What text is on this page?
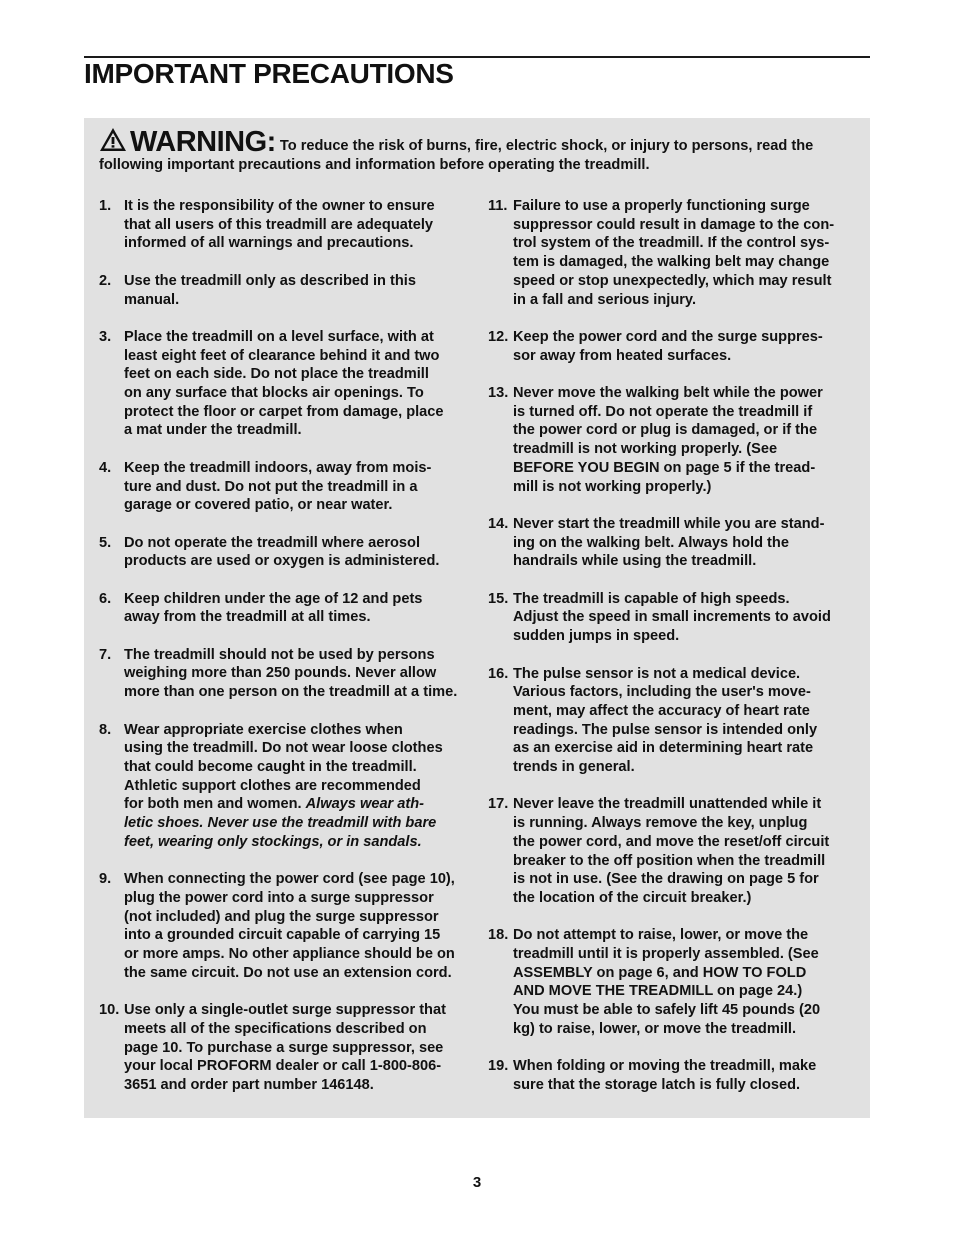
IMPORTANT PRECAUTIONS
WARNING: To reduce the risk of burns, fire, electric shock, or injury to persons, read the following important precautions and information before operating the treadmill.
1. It is the responsibility of the owner to ensure
that all users of this treadmill are adequately
informed of all warnings and precautions.
2. Use the treadmill only as described in this
manual.
3. Place the treadmill on a level surface, with at
least eight feet of clearance behind it and two
feet on each side. Do not place the treadmill
on any surface that blocks air openings. To
protect the floor or carpet from damage, place
a mat under the treadmill.
4. Keep the treadmill indoors, away from mois-
ture and dust. Do not put the treadmill in a
garage or covered patio, or near water.
5. Do not operate the treadmill where aerosol
products are used or oxygen is administered.
6. Keep children under the age of 12 and pets
away from the treadmill at all times.
7. The treadmill should not be used by persons
weighing more than 250 pounds. Never allow
more than one person on the treadmill at a time.
8. Wear appropriate exercise clothes when
using the treadmill. Do not wear loose clothes
that could become caught in the treadmill.
Athletic support clothes are recommended
for both men and women. Always wear ath-
letic shoes. Never use the treadmill with bare
feet, wearing only stockings, or in sandals.
9. When connecting the power cord (see page 10),
plug the power cord into a surge suppressor
(not included) and plug the surge suppressor
into a grounded circuit capable of carrying 15
or more amps. No other appliance should be on
the same circuit. Do not use an extension cord.
10. Use only a single-outlet surge suppressor that
meets all of the specifications described on
page 10. To purchase a surge suppressor, see
your local PROFORM dealer or call 1-800-806-
3651 and order part number 146148.
11. Failure to use a properly functioning surge
suppressor could result in damage to the con-
trol system of the treadmill. If the control sys-
tem is damaged, the walking belt may change
speed or stop unexpectedly, which may result
in a fall and serious injury.
12. Keep the power cord and the surge suppres-
sor away from heated surfaces.
13. Never move the walking belt while the power
is turned off. Do not operate the treadmill if
the power cord or plug is damaged, or if the
treadmill is not working properly. (See
BEFORE YOU BEGIN on page 5 if the tread-
mill is not working properly.)
14. Never start the treadmill while you are stand-
ing on the walking belt. Always hold the
handrails while using the treadmill.
15. The treadmill is capable of high speeds.
Adjust the speed in small increments to avoid
sudden jumps in speed.
16. The pulse sensor is not a medical device.
Various factors, including the user's move-
ment, may affect the accuracy of heart rate
readings. The pulse sensor is intended only
as an exercise aid in determining heart rate
trends in general.
17. Never leave the treadmill unattended while it
is running. Always remove the key, unplug
the power cord, and move the reset/off circuit
breaker to the off position when the treadmill
is not in use. (See the drawing on page 5 for
the location of the circuit breaker.)
18. Do not attempt to raise, lower, or move the
treadmill until it is properly assembled. (See
ASSEMBLY on page 6, and HOW TO FOLD
AND MOVE THE TREADMILL on page 24.)
You must be able to safely lift 45 pounds (20
kg) to raise, lower, or move the treadmill.
19. When folding or moving the treadmill, make
sure that the storage latch is fully closed.
3
